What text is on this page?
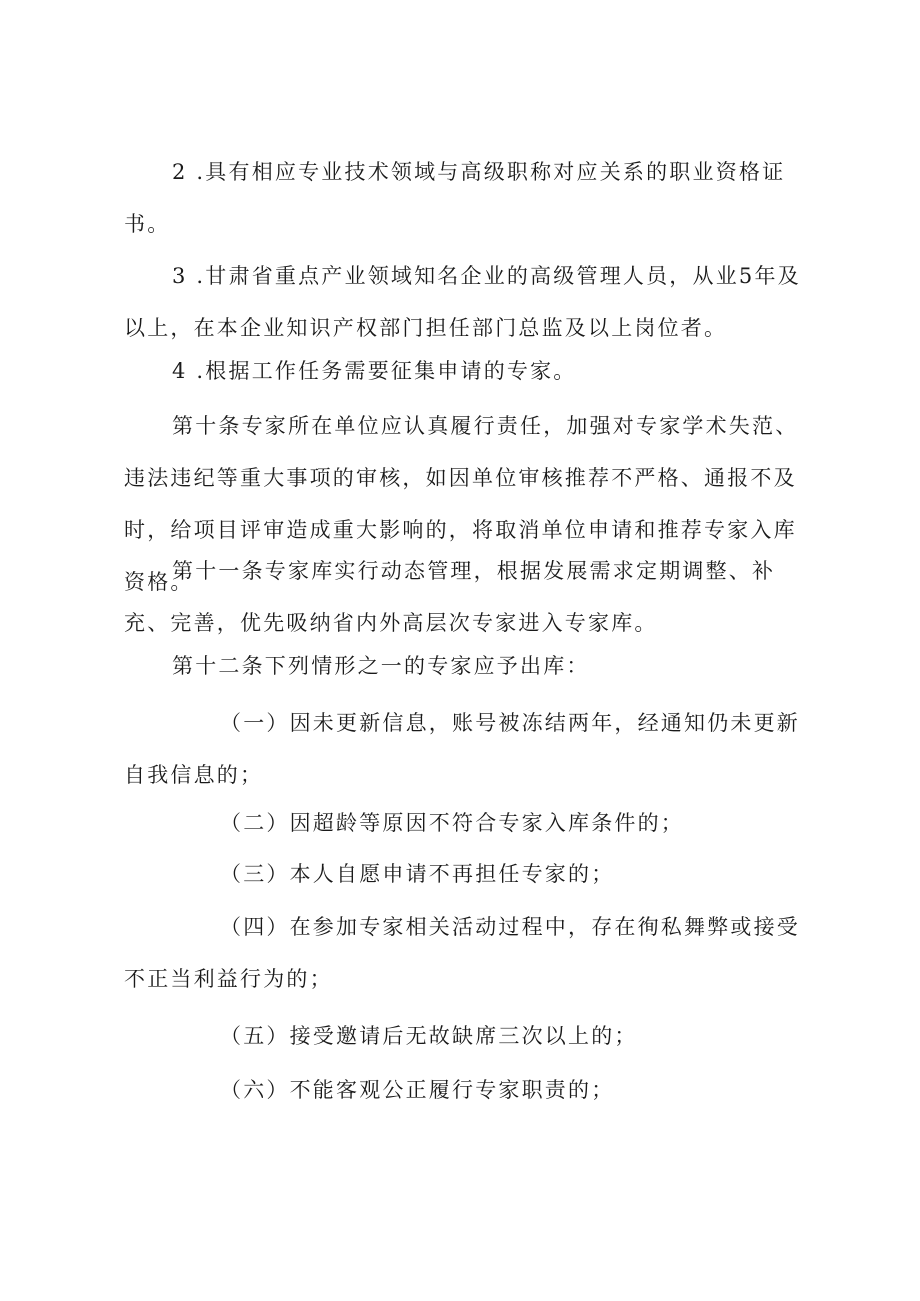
2 .具有相应专业技术领域与高级职称对应关系的职业资格证书。

3 .甘肃省重点产业领域知名企业的高级管理人员，从业5年及以上，在本企业知识产权部门担任部门总监及以上岗位者。

4 .根据工作任务需要征集申请的专家。

第十条专家所在单位应认真履行责任，加强对专家学术失范、违法违纪等重大事项的审核，如因单位审核推荐不严格、通报不及时，给项目评审造成重大影响的，将取消单位申请和推荐专家入库资格。

第十一条专家库实行动态管理，根据发展需求定期调整、补充、完善，优先吸纳省内外高层次专家进入专家库。

第十二条下列情形之一的专家应予出库：

（一）因未更新信息，账号被冻结两年，经通知仍未更新自我信息的；

（二）因超龄等原因不符合专家入库条件的；

（三）本人自愿申请不再担任专家的；

（四）在参加专家相关活动过程中，存在徇私舞弊或接受不正当利益行为的；

（五）接受邀请后无故缺席三次以上的；

（六）不能客观公正履行专家职责的；
